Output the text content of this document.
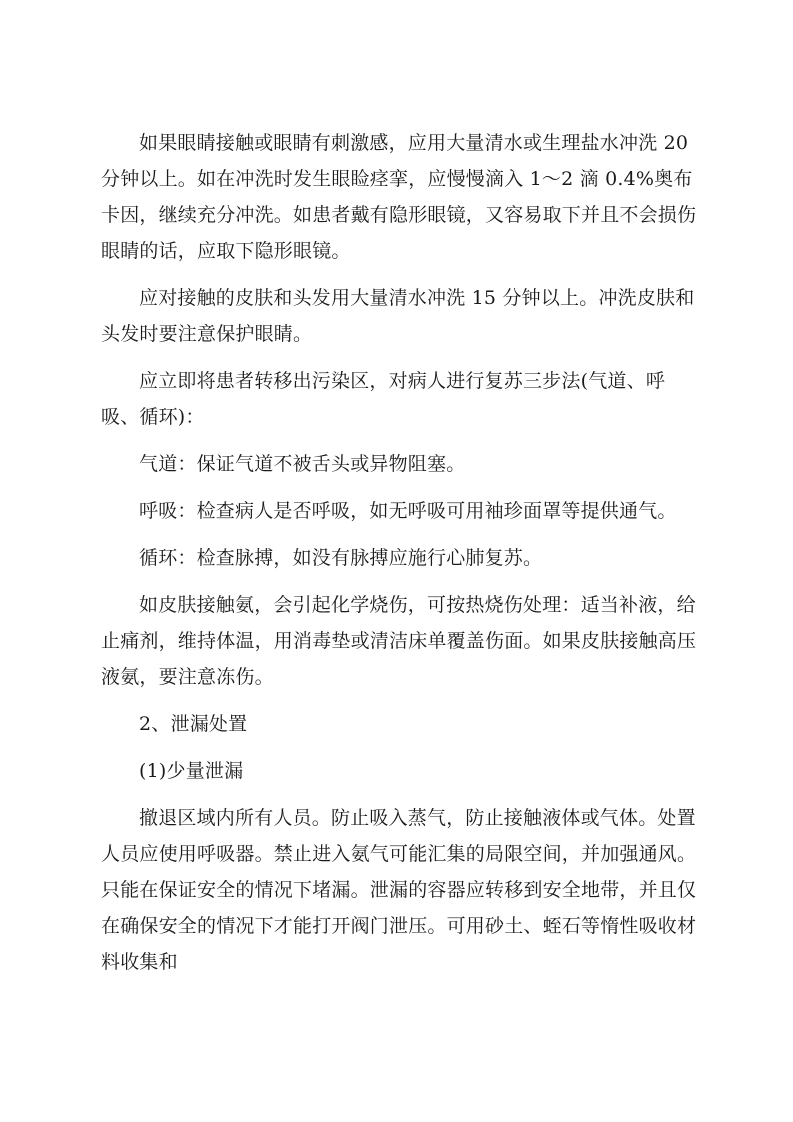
如果眼睛接触或眼睛有刺激感，应用大量清水或生理盐水冲洗 20 分钟以上。如在冲洗时发生眼睑痉挛，应慢慢滴入 1～2 滴 0.4%奥布卡因，继续充分冲洗。如患者戴有隐形眼镜，又容易取下并且不会损伤眼睛的话，应取下隐形眼镜。

应对接触的皮肤和头发用大量清水冲洗 15 分钟以上。冲洗皮肤和头发时要注意保护眼睛。

应立即将患者转移出污染区，对病人进行复苏三步法(气道、呼吸、循环)：

气道：保证气道不被舌头或异物阻塞。

呼吸：检查病人是否呼吸，如无呼吸可用袖珍面罩等提供通气。

循环：检查脉搏，如没有脉搏应施行心肺复苏。

如皮肤接触氨，会引起化学烧伤，可按热烧伤处理：适当补液，给止痛剂，维持体温，用消毒垫或清洁床单覆盖伤面。如果皮肤接触高压液氨，要注意冻伤。

2、泄漏处置

(1)少量泄漏

撤退区域内所有人员。防止吸入蒸气，防止接触液体或气体。处置人员应使用呼吸器。禁止进入氨气可能汇集的局限空间，并加强通风。只能在保证安全的情况下堵漏。泄漏的容器应转移到安全地带，并且仅在确保安全的情况下才能打开阀门泄压。可用砂土、蛭石等惰性吸收材料收集和
